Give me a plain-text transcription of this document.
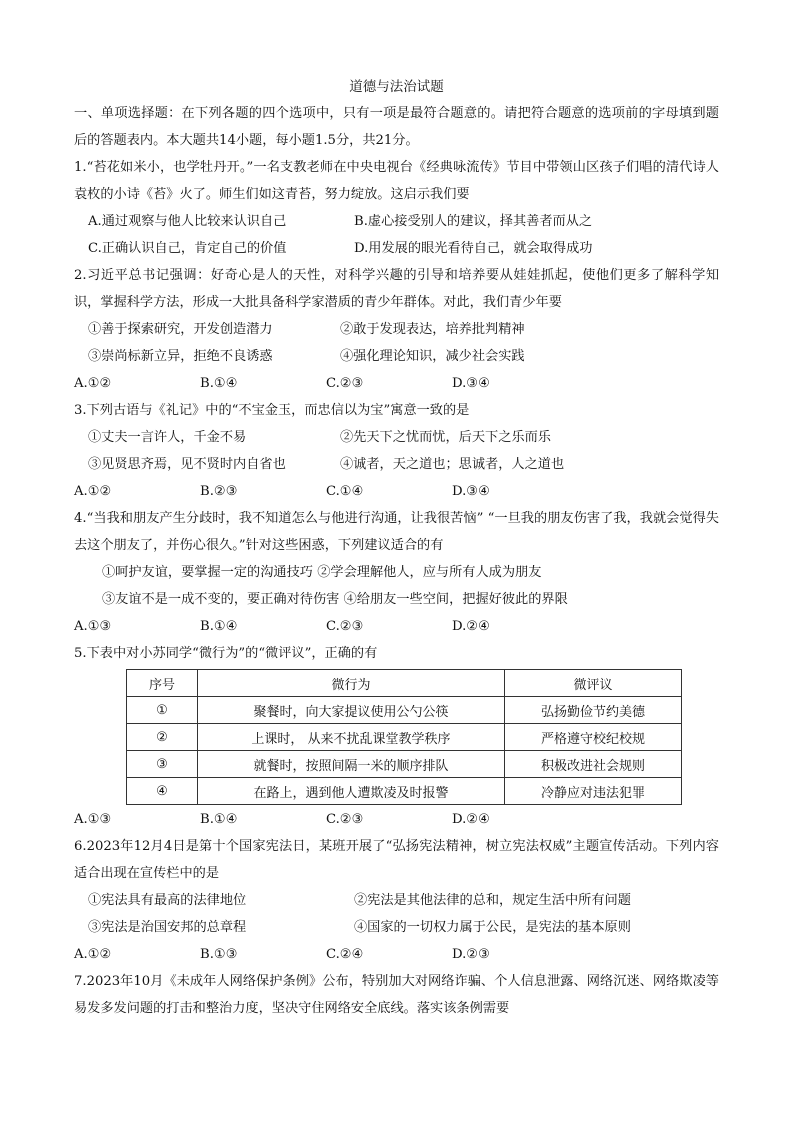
道德与法治试题
一、单项选择题：在下列各题的四个选项中，只有一项是最符合题意的。请把符合题意的选项前的字母填到题后的答题表内。本大题共14小题，每小题1.5分，共21分。
1.“苔花如米小，也学牡丹开。”一名支教老师在中央电视台《经典咏流传》节目中带领山区孩子们唱的清代诗人袁枚的小诗《苔》火了。师生们如这青苔，努力绽放。这启示我们要
A.通过观察与他人比较来认识自己	B.虚心接受别人的建议，择其善者而从之
C.正确认识自己，肯定自己的价值	D.用发展的眼光看待自己，就会取得成功
2.习近平总书记强调：好奇心是人的天性，对科学兴趣的引导和培养要从娃娃抓起，使他们更多了解科学知识，掌握科学方法，形成一大批具备科学家潜质的青少年群体。对此，我们青少年要
①善于探索研究，开发创造潜力	②敢于发现表达，培养批判精神
③崇尚标新立异，拒绝不良诱惑	④强化理论知识，减少社会实践
A.①②	B.①④	C.②③	D.③④
3.下列古语与《礼记》中的“不宝金玉，而忠信以为宝”寓意一致的是
①丈夫一言许人，千金不易	②先天下之忧而忧，后天下之乐而乐
③见贤思齐焉，见不贤时内自省也	④诚者，天之道也；思诚者，人之道也
A.①②	B.②③	C.①④	D.③④
4.“当我和朋友产生分歧时，我不知道怎么与他进行沟通，让我很苦恼” “一旦我的朋友伤害了我，我就会觉得失去这个朋友了，并伤心很久。”针对这些困惑，下列建议适合的有
①呵护友谊，要掌握一定的沟通技巧 ②学会理解他人，应与所有人成为朋友
③友谊不是一成不变的，要正确对待伤害 ④给朋友一些空间，把握好彼此的界限
A.①③	B.①④	C.②③	D.②④
5.下表中对小苏同学“微行为”的“微评议”，正确的有
序号	微行为	微评议
①	聚餐时，向大家提议使用公勺公筷	弘扬勤俭节约美德
②	上课时， 从来不扰乱课堂教学秩序	严格遵守校纪校规
③	就餐时，按照间隔一米的顺序排队	积极改进社会规则
④	在路上，遇到他人遭欺凌及时报警	冷静应对违法犯罪
A.①③	B.①④	C.②③	D.②④
6.2023年12月4日是第十个国家宪法日，某班开展了“弘扬宪法精神，树立宪法权威”主题宣传活动。下列内容适合出现在宣传栏中的是
①宪法具有最高的法律地位	②宪法是其他法律的总和，规定生活中所有问题
③宪法是治国安邦的总章程	④国家的一切权力属于公民，是宪法的基本原则
A.①②	B.①③	C.②④	D.②③
7.2023年10月《未成年人网络保护条例》公布，特别加大对网络诈骗、个人信息泄露、网络沉迷、网络欺凌等易发多发问题的打击和整治力度，坚决守住网络安全底线。落实该条例需要
